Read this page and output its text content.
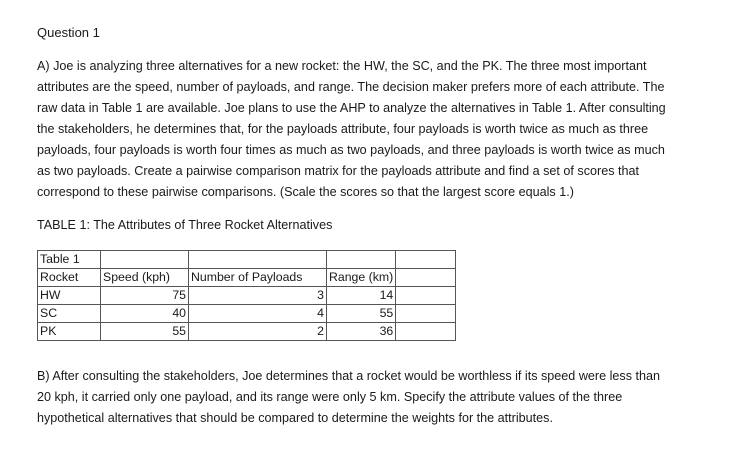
Question 1
A) Joe is analyzing three alternatives for a new rocket: the HW, the SC, and the PK. The three most important
attributes are the speed, number of payloads, and range. The decision maker prefers more of each attribute. The
raw data in Table 1 are available. Joe plans to use the AHP to analyze the alternatives in Table 1. After consulting
the stakeholders, he determines that, for the payloads attribute, four payloads is worth twice as much as three
payloads, four payloads is worth four times as much as two payloads, and three payloads is worth twice as much
as two payloads. Create a pairwise comparison matrix for the payloads attribute and find a set of scores that
correspond to these pairwise comparisons. (Scale the scores so that the largest score equals 1.)
TABLE 1: The Attributes of Three Rocket Alternatives
Table 1				
Rocket	Speed (kph)	Number of Payloads	Range (km)	
HW	75	3	14	
SC	40	4	55	
PK	55	2	36	
B) After consulting the stakeholders, Joe determines that a rocket would be worthless if its speed were less than
20 kph, it carried only one payload, and its range were only 5 km. Specify the attribute values of the three
hypothetical alternatives that should be compared to determine the weights for the attributes.
